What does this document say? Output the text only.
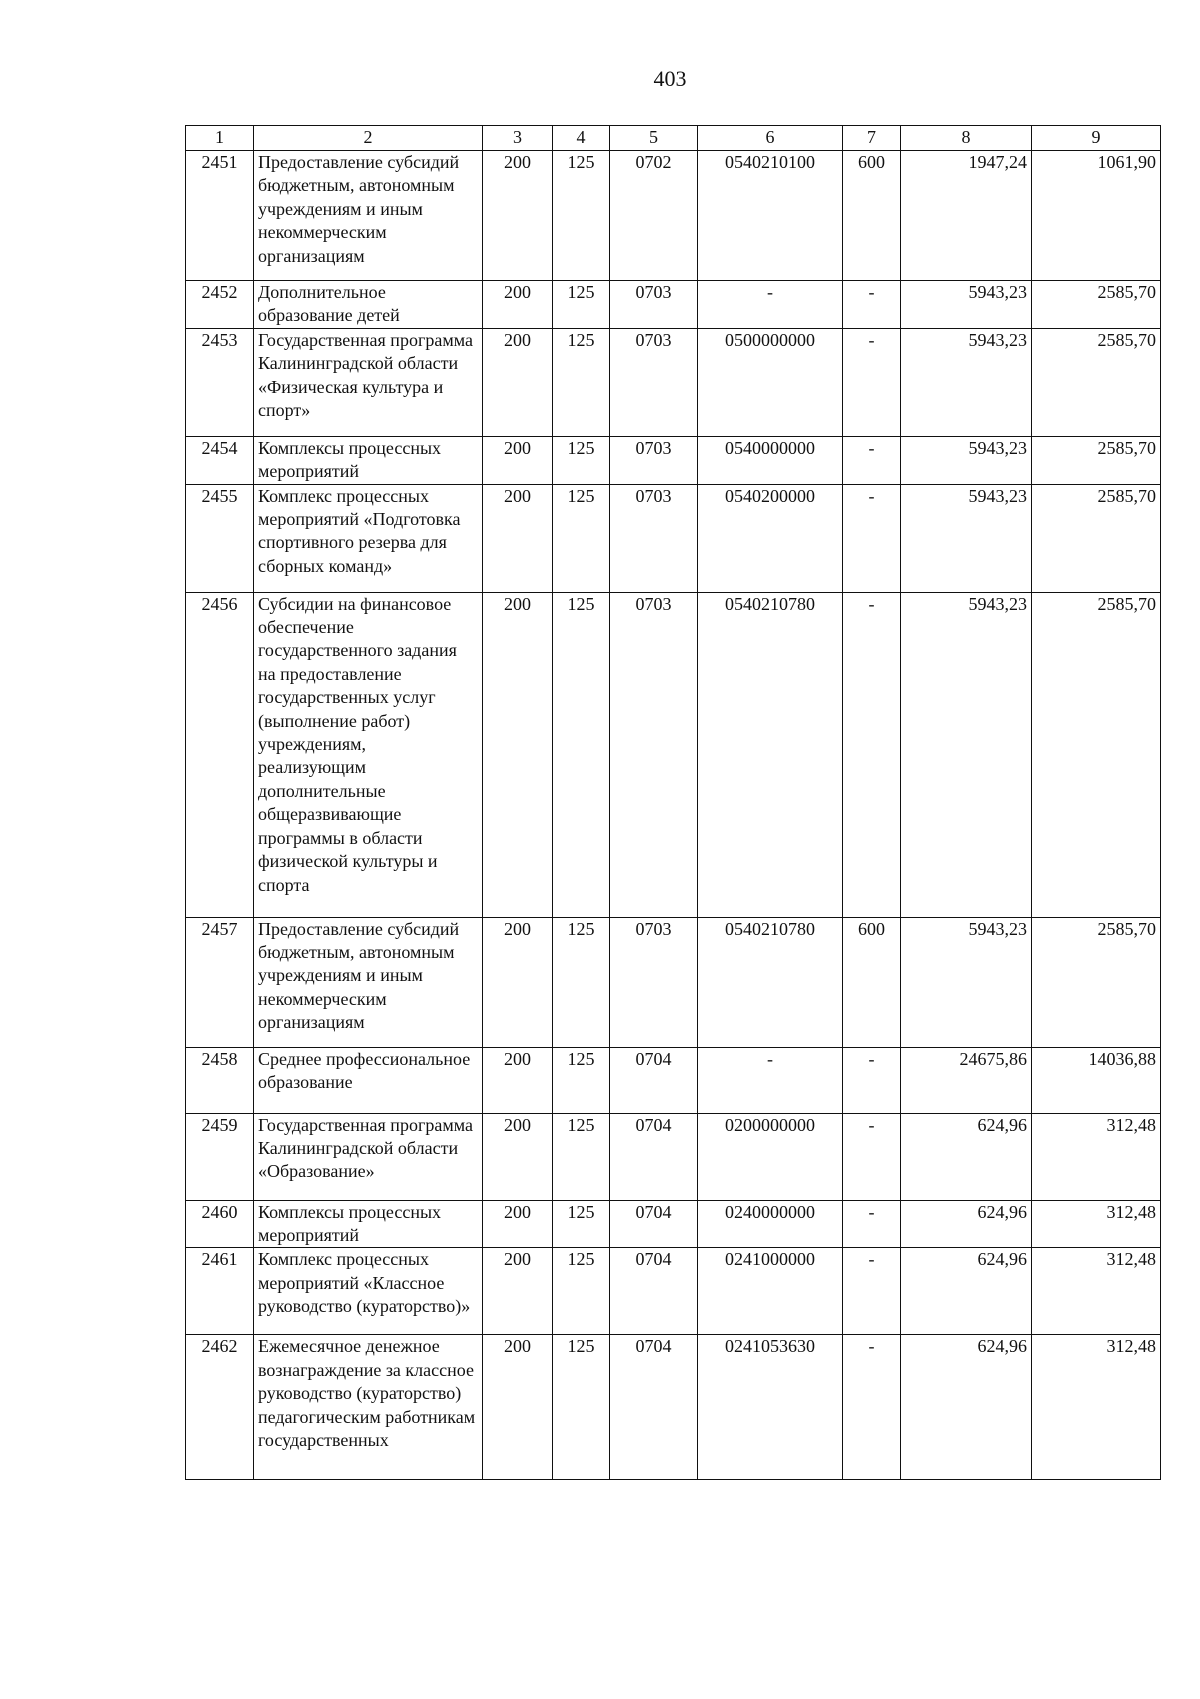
403
1	2	3	4	5	6	7	8	9
2451	Предоставление субсидий бюджетным, автономным учреждениям и иным некоммерческим организациям	200	125	0702	0540210100	600	1947,24	1061,90
2452	Дополнительное образование детей	200	125	0703	-	-	5943,23	2585,70
2453	Государственная программа Калининградской области «Физическая культура и спорт»	200	125	0703	0500000000	-	5943,23	2585,70
2454	Комплексы процессных мероприятий	200	125	0703	0540000000	-	5943,23	2585,70
2455	Комплекс процессных мероприятий «Подготовка спортивного резерва для сборных команд»	200	125	0703	0540200000	-	5943,23	2585,70
2456	Субсидии на финансовое обеспечение государственного задания на предоставление государственных услуг (выполнение работ) учреждениям, реализующим дополнительные общеразвивающие программы в области физической культуры и спорта	200	125	0703	0540210780	-	5943,23	2585,70
2457	Предоставление субсидий бюджетным, автономным учреждениям и иным некоммерческим организациям	200	125	0703	0540210780	600	5943,23	2585,70
2458	Среднее профессиональное образование	200	125	0704	-	-	24675,86	14036,88
2459	Государственная программа Калининградской области «Образование»	200	125	0704	0200000000	-	624,96	312,48
2460	Комплексы процессных мероприятий	200	125	0704	0240000000	-	624,96	312,48
2461	Комплекс процессных мероприятий «Классное руководство (кураторство)»	200	125	0704	0241000000	-	624,96	312,48
2462	Ежемесячное денежное вознаграждение за классное руководство (кураторство) педагогическим работникам государственных	200	125	0704	0241053630	-	624,96	312,48
